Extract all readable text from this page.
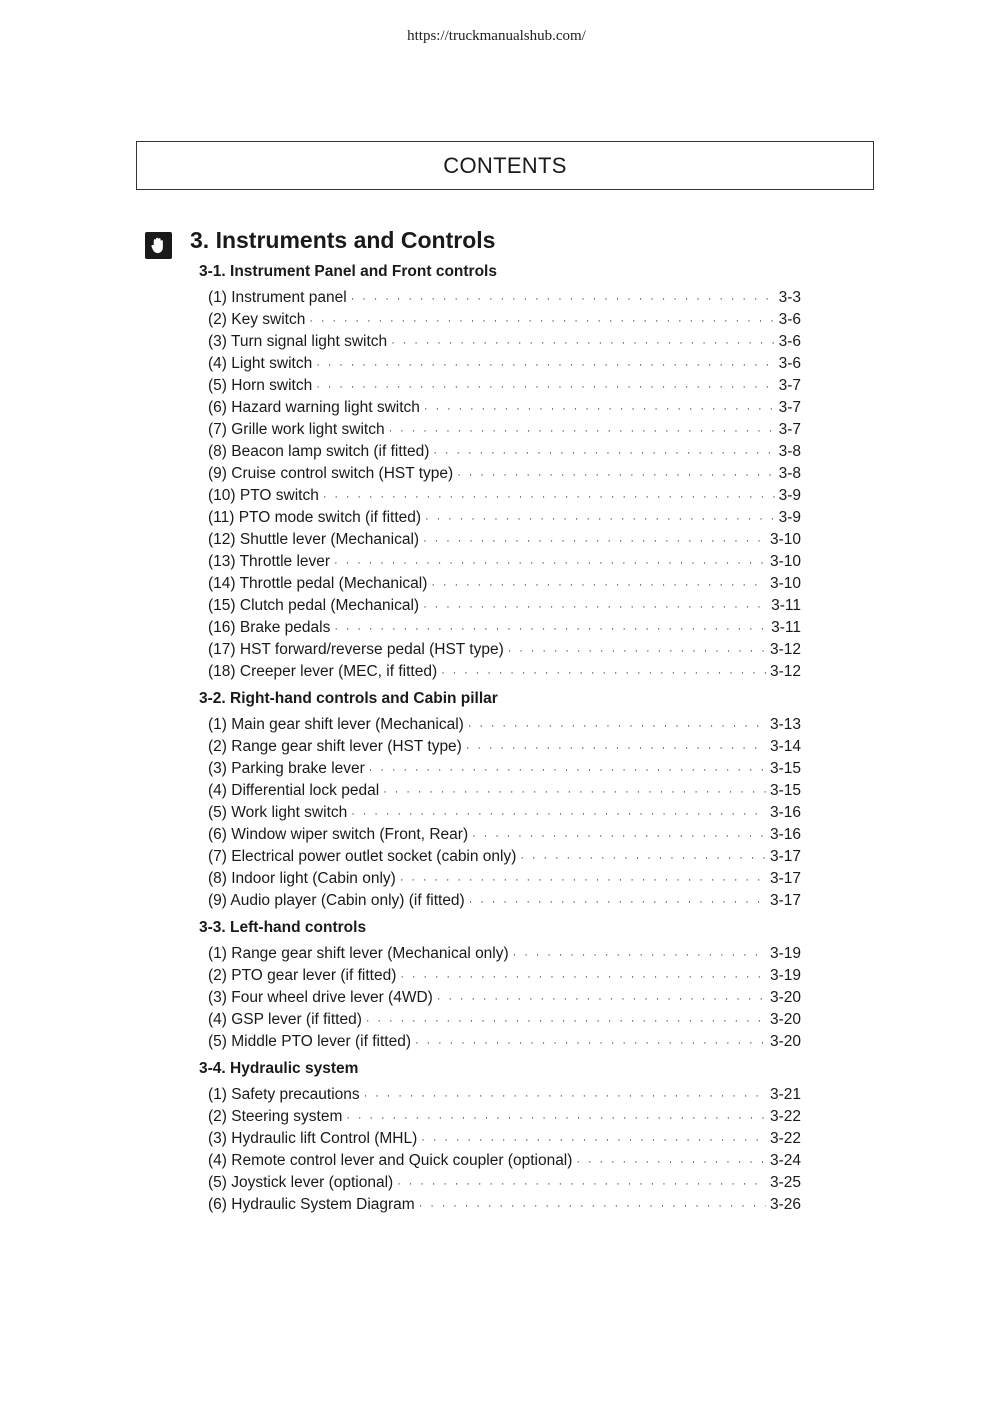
https://truckmanualshub.com/
CONTENTS
3. Instruments and Controls
3-1. Instrument Panel and Front controls
(1) Instrument panel · · ·	3-3
(2) Key switch · · ·	3-6
(3) Turn signal light switch · · ·	3-6
(4) Light switch · · ·	3-6
(5) Horn switch · · ·	3-7
(6) Hazard warning light switch · · ·	3-7
(7) Grille work light switch · · ·	3-7
(8) Beacon lamp switch (if fitted) · · ·	3-8
(9) Cruise control switch (HST type) · · ·	3-8
(10) PTO switch · · ·	3-9
(11) PTO mode switch (if fitted) · · ·	3-9
(12) Shuttle lever (Mechanical) · · ·	3-10
(13) Throttle lever · · ·	3-10
(14) Throttle pedal (Mechanical) · · ·	3-10
(15) Clutch pedal (Mechanical) · · ·	3-11
(16) Brake pedals · · ·	3-11
(17) HST forward/reverse pedal (HST type) · · ·	3-12
(18) Creeper lever (MEC, if fitted) · · ·	3-12
3-2. Right-hand controls and Cabin pillar
(1) Main gear shift lever (Mechanical) · · ·	3-13
(2) Range gear shift lever (HST type) · · ·	3-14
(3) Parking brake lever · · ·	3-15
(4) Differential lock pedal · · ·	3-15
(5) Work light switch · · ·	3-16
(6) Window wiper switch (Front, Rear) · · ·	3-16
(7) Electrical power outlet socket (cabin only) · · ·	3-17
(8) Indoor light (Cabin only) · · ·	3-17
(9) Audio player (Cabin only) (if fitted) · · ·	3-17
3-3. Left-hand controls
(1) Range gear shift lever (Mechanical only) · · ·	3-19
(2) PTO gear lever (if fitted) · · ·	3-19
(3) Four wheel drive lever (4WD) · · ·	3-20
(4) GSP lever (if fitted) · · ·	3-20
(5) Middle PTO lever (if fitted) · · ·	3-20
3-4. Hydraulic system
(1) Safety precautions · · ·	3-21
(2) Steering system · · ·	3-22
(3) Hydraulic lift Control (MHL) · · ·	3-22
(4) Remote control lever and Quick coupler (optional) · · ·	3-24
(5) Joystick lever (optional) · · ·	3-25
(6) Hydraulic System Diagram · · ·	3-26
